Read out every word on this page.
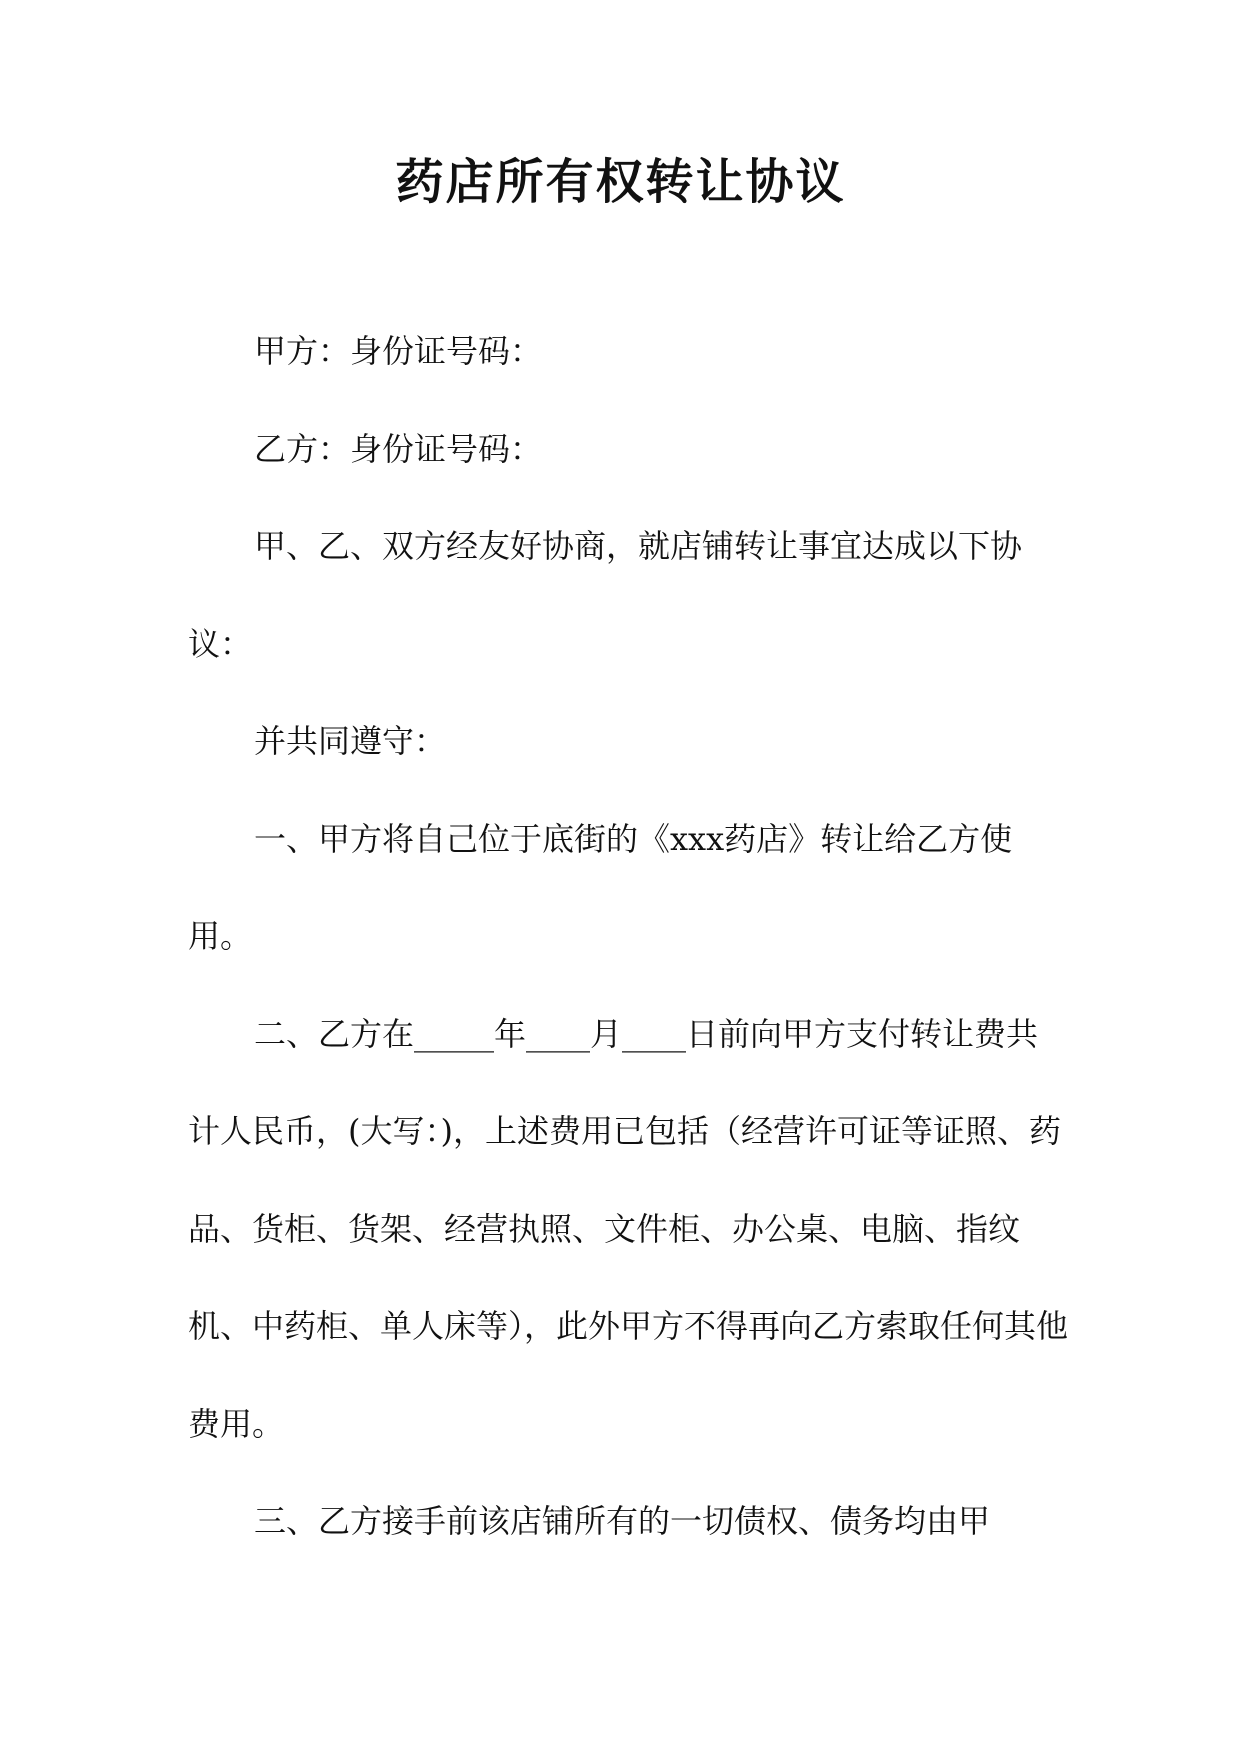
药店所有权转让协议

甲方：身份证号码：

乙方：身份证号码：

甲、乙、双方经友好协商，就店铺转让事宜达成以下协议：

并共同遵守：

一、甲方将自己位于底街的《xxx药店》转让给乙方使用。

二、乙方在_____年____月____日前向甲方支付转让费共计人民币，(大写：)，上述费用已包括（经营许可证等证照、药品、货柜、货架、经营执照、文件柜、办公桌、电脑、指纹机、中药柜、单人床等），此外甲方不得再向乙方索取任何其他费用。

三、乙方接手前该店铺所有的一切债权、债务均由甲
